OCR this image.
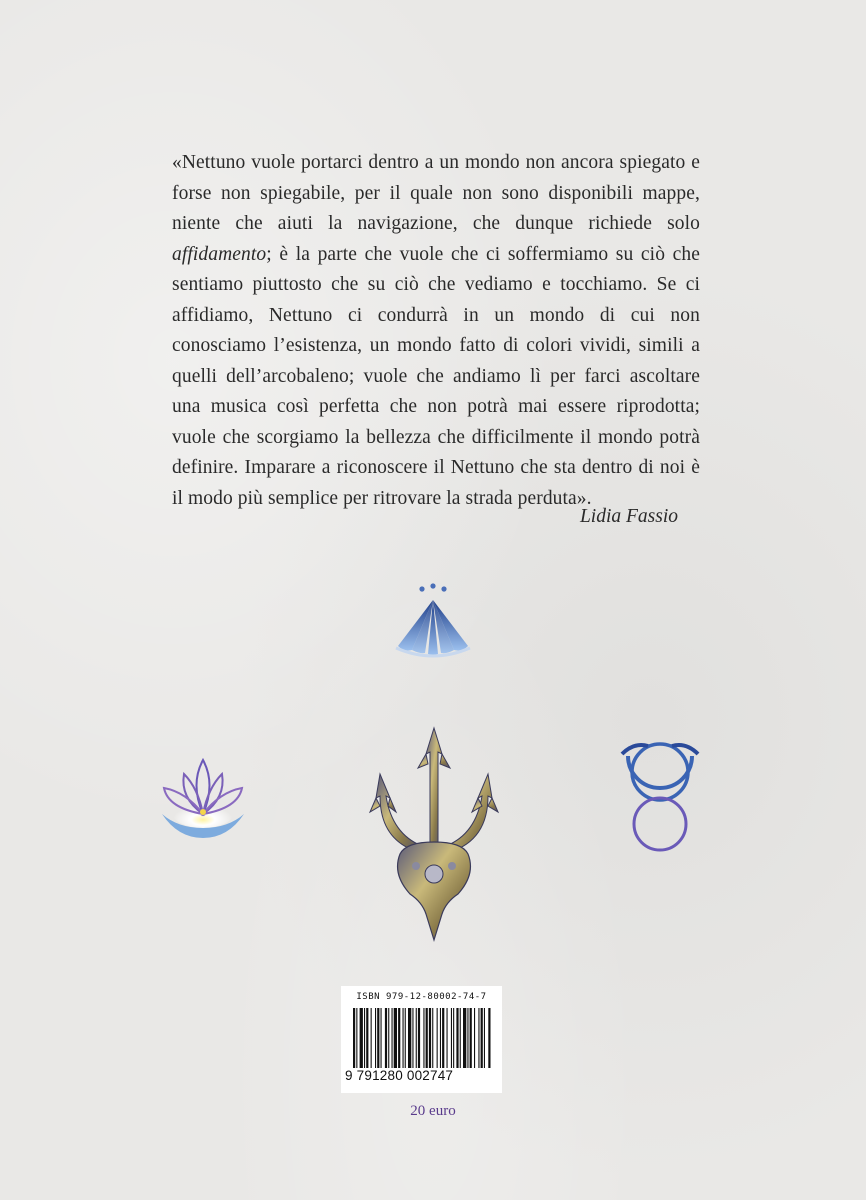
«Nettuno vuole portarci dentro a un mondo non ancora spiegato e forse non spiegabile, per il quale non sono disponibili mappe, niente che aiuti la navigazione, che dunque richiede solo affidamento; è la parte che vuole che ci soffermiamo su ciò che sentiamo piuttosto che su ciò che vediamo e tocchiamo. Se ci affidiamo, Nettuno ci condurrà in un mondo di cui non conosciamo l’esistenza, un mondo fatto di colori vividi, simili a quelli dell’arcobaleno; vuole che andiamo lì per farci ascoltare una musica così perfetta che non potrà mai essere riprodotta; vuole che scorgiamo la bellezza che difficilmente il mondo potrà definire. Imparare a riconoscere il Nettuno che sta dentro di noi è il modo più semplice per ritrovare la strada perduta».

Lidia Fassio
ISBN 979-12-80002-74-7
9 791280 002747
20 euro
